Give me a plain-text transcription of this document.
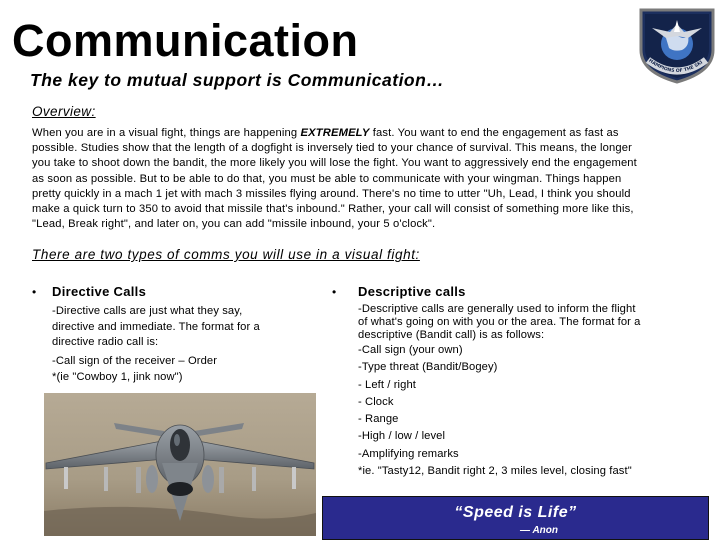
Communication
The key to mutual support is Communication…
HAMPIONS OF THE SKI
Overview:
When you are in a visual fight, things are happening EXTREMELY fast. You want to end the engagement as fast as
possible. Studies show that the length of a dogfight is inversely tied to your chance of survival. This means, the longer
you take to shoot down the bandit, the more likely you will lose the fight. You want to aggressively end the engagement
as soon as possible. But to be able to do that, you must be able to communicate with your wingman. Things happen
pretty quickly in a mach 1 jet with mach 3 missiles flying around. There's no time to utter "Uh, Lead, I think you should
make a quick turn to 350 to avoid that missile that's inbound." Rather, your call will consist of something more like this,
"Lead, Break right", and later on, you can add "missile inbound, your 5 o'clock".
There are two types of comms you will use in a visual fight:
• Directive Calls
-Directive calls are just what they say,
directive and immediate. The format for a
directive radio call is:
-Call sign of the receiver – Order
*(ie "Cowboy 1, jink now")
• Descriptive calls
-Descriptive calls are generally used to inform the flight
of what's going on with you or the area. The format for a
descriptive (Bandit call) is as follows:
-Call sign (your own)
-Type threat (Bandit/Bogey)
- Left / right
- Clock
- Range
-High / low / level
-Amplifying remarks
*ie. "Tasty12, Bandit right 2, 3 miles level, closing fast"
“Speed is Life”
— Anon
